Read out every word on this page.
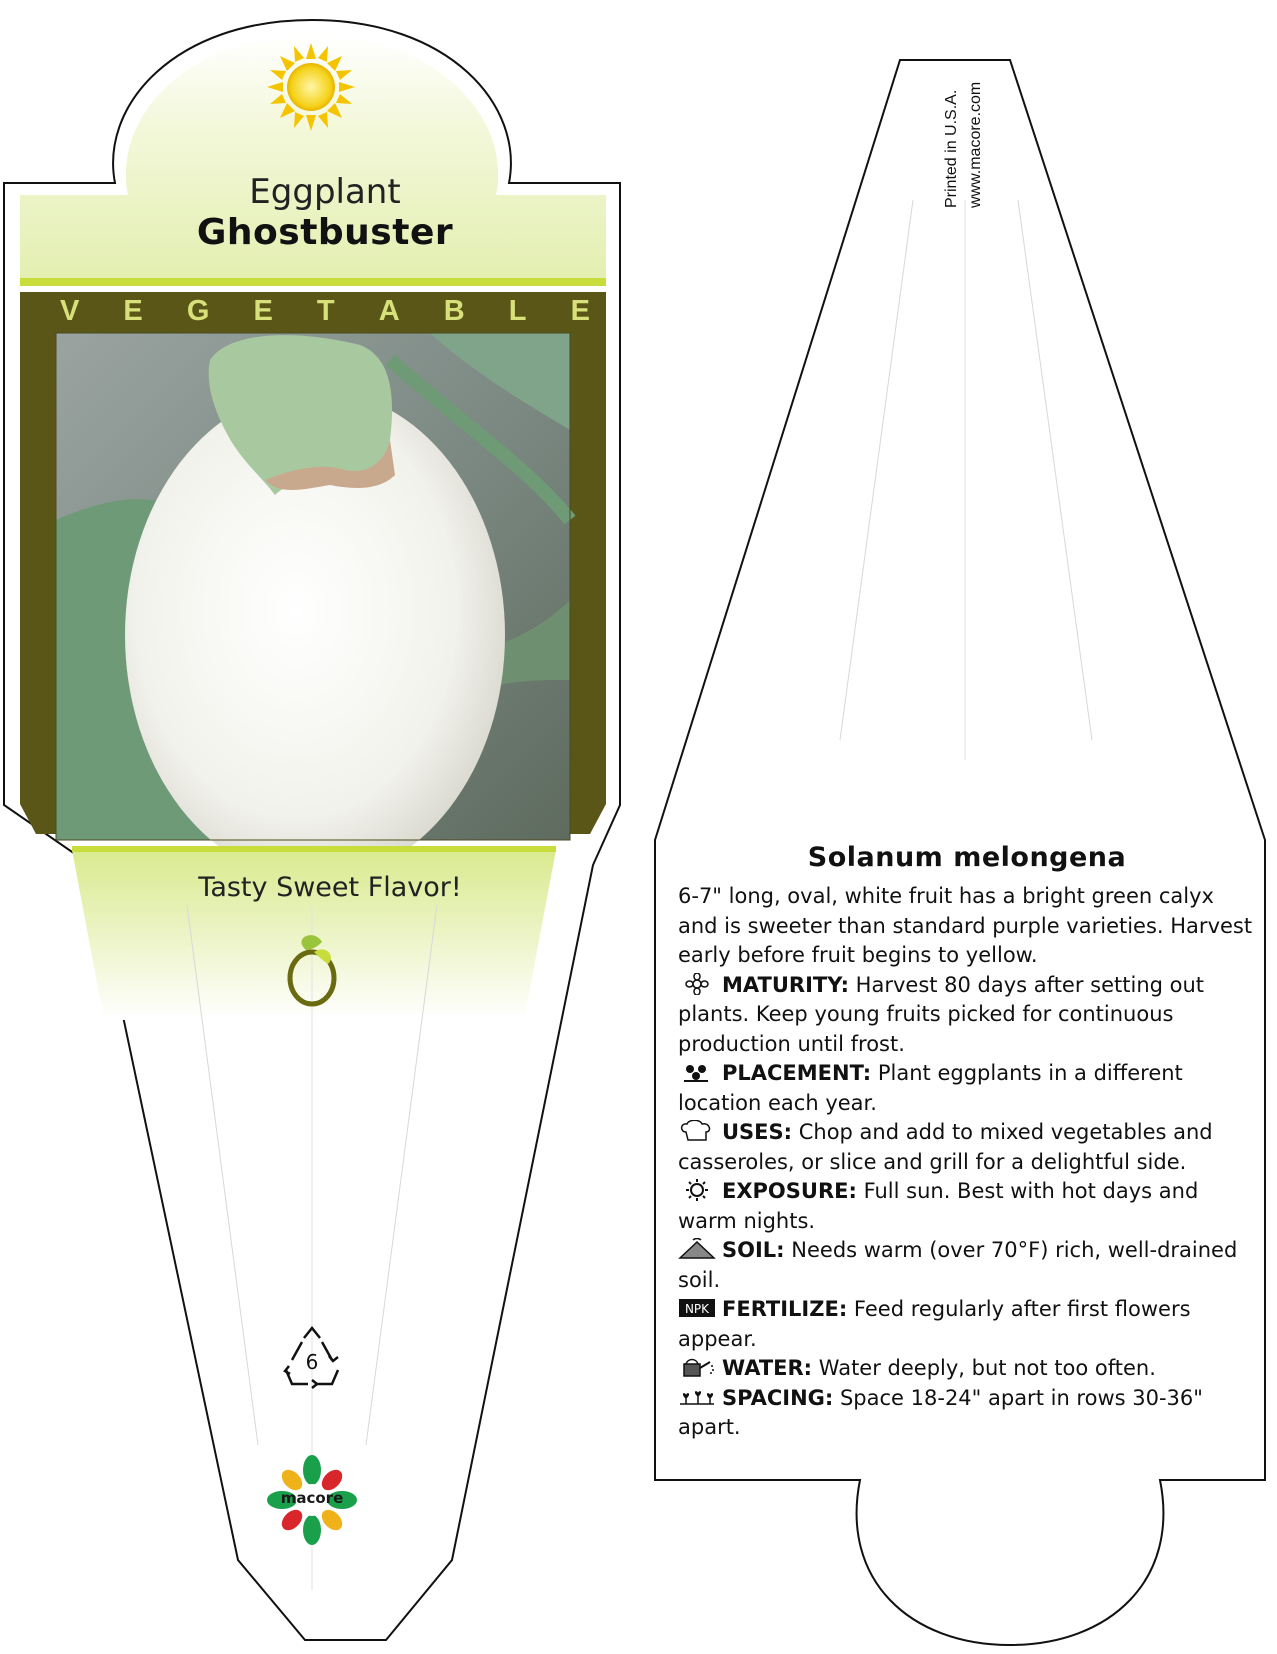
Eggplant
Ghostbuster
V E G E T A B L E
Tasty Sweet Flavor!
6
macore
Printed in U.S.A. www.macore.com
Solanum melongena

6-7" long, oval, white fruit has a bright green calyx and is sweeter than standard purple varieties. Harvest early before fruit begins to yellow.

MATURITY: Harvest 80 days after setting out plants. Keep young fruits picked for continuous production until frost.

PLACEMENT: Plant eggplants in a different location each year.

USES: Chop and add to mixed vegetables and casseroles, or slice and grill for a delightful side.

EXPOSURE: Full sun. Best with hot days and warm nights.

SOIL: Needs warm (over 70°F) rich, well-drained soil.

NPK FERTILIZE: Feed regularly after first flowers appear.

WATER: Water deeply, but not too often.

SPACING: Space 18-24" apart in rows 30-36" apart.
